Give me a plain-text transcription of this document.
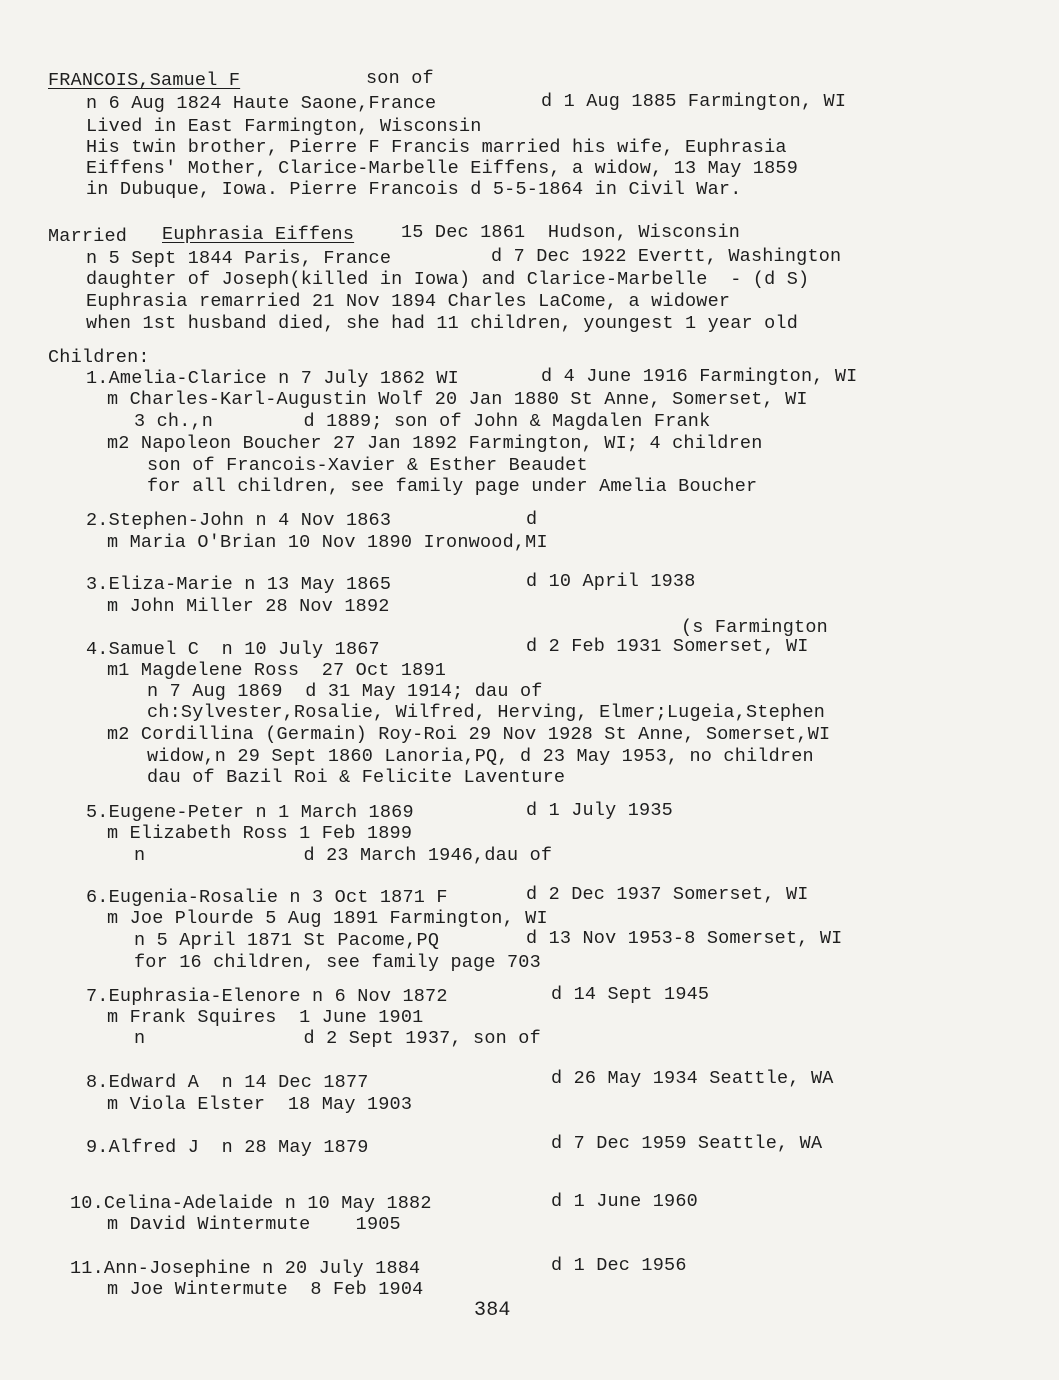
FRANCOIS,Samuel F	son of
n 6 Aug 1824 Haute Saone,France	d 1 Aug 1885 Farmington, WI
Lived in East Farmington, Wisconsin
His twin brother, Pierre F Francis married his wife, Euphrasia
Eiffens' Mother, Clarice-Marbelle Eiffens, a widow, 13 May 1859
in Dubuque, Iowa. Pierre Francois d 5-5-1864 in Civil War.
Married Euphrasia Eiffens	15 Dec 1861  Hudson, Wisconsin
n 5 Sept 1844 Paris, France	d 7 Dec 1922 Evertt, Washington
daughter of Joseph(killed in Iowa) and Clarice-Marbelle  - (d S)
Euphrasia remarried 21 Nov 1894 Charles LaCome, a widower
when 1st husband died, she had 11 children, youngest 1 year old
Children:
1.Amelia-Clarice n 7 July 1862 WI	d 4 June 1916 Farmington, WI
m Charles-Karl-Augustin Wolf 20 Jan 1880 St Anne, Somerset, WI
3 ch.,n        d 1889; son of John & Magdalen Frank
m2 Napoleon Boucher 27 Jan 1892 Farmington, WI; 4 children
son of Francois-Xavier & Esther Beaudet
for all children, see family page under Amelia Boucher
2.Stephen-John n 4 Nov 1863	d
m Maria O'Brian 10 Nov 1890 Ironwood,MI
3.Eliza-Marie n 13 May 1865	d 10 April 1938
m John Miller 28 Nov 1892
(s Farmington
4.Samuel C  n 10 July 1867	d 2 Feb 1931 Somerset, WI
m1 Magdelene Ross  27 Oct 1891
n 7 Aug 1869  d 31 May 1914; dau of
ch:Sylvester,Rosalie, Wilfred, Herving, Elmer;Lugeia,Stephen
m2 Cordillina (Germain) Roy-Roi 29 Nov 1928 St Anne, Somerset,WI
widow,n 29 Sept 1860 Lanoria,PQ, d 23 May 1953, no children
dau of Bazil Roi & Felicite Laventure
5.Eugene-Peter n 1 March 1869	d 1 July 1935
m Elizabeth Ross 1 Feb 1899
n              d 23 March 1946,dau of
6.Eugenia-Rosalie n 3 Oct 1871 F	d 2 Dec 1937 Somerset, WI
m Joe Plourde 5 Aug 1891 Farmington, WI
n 5 April 1871 St Pacome,PQ	d 13 Nov 1953-8 Somerset, WI
for 16 children, see family page 703
7.Euphrasia-Elenore n 6 Nov 1872	d 14 Sept 1945
m Frank Squires  1 June 1901
n              d 2 Sept 1937, son of
8.Edward A  n 14 Dec 1877	d 26 May 1934 Seattle, WA
m Viola Elster  18 May 1903
9.Alfred J  n 28 May 1879	d 7 Dec 1959 Seattle, WA
10.Celina-Adelaide n 10 May 1882	d 1 June 1960
m David Wintermute    1905
11.Ann-Josephine n 20 July 1884	d 1 Dec 1956
m Joe Wintermute  8 Feb 1904
384
